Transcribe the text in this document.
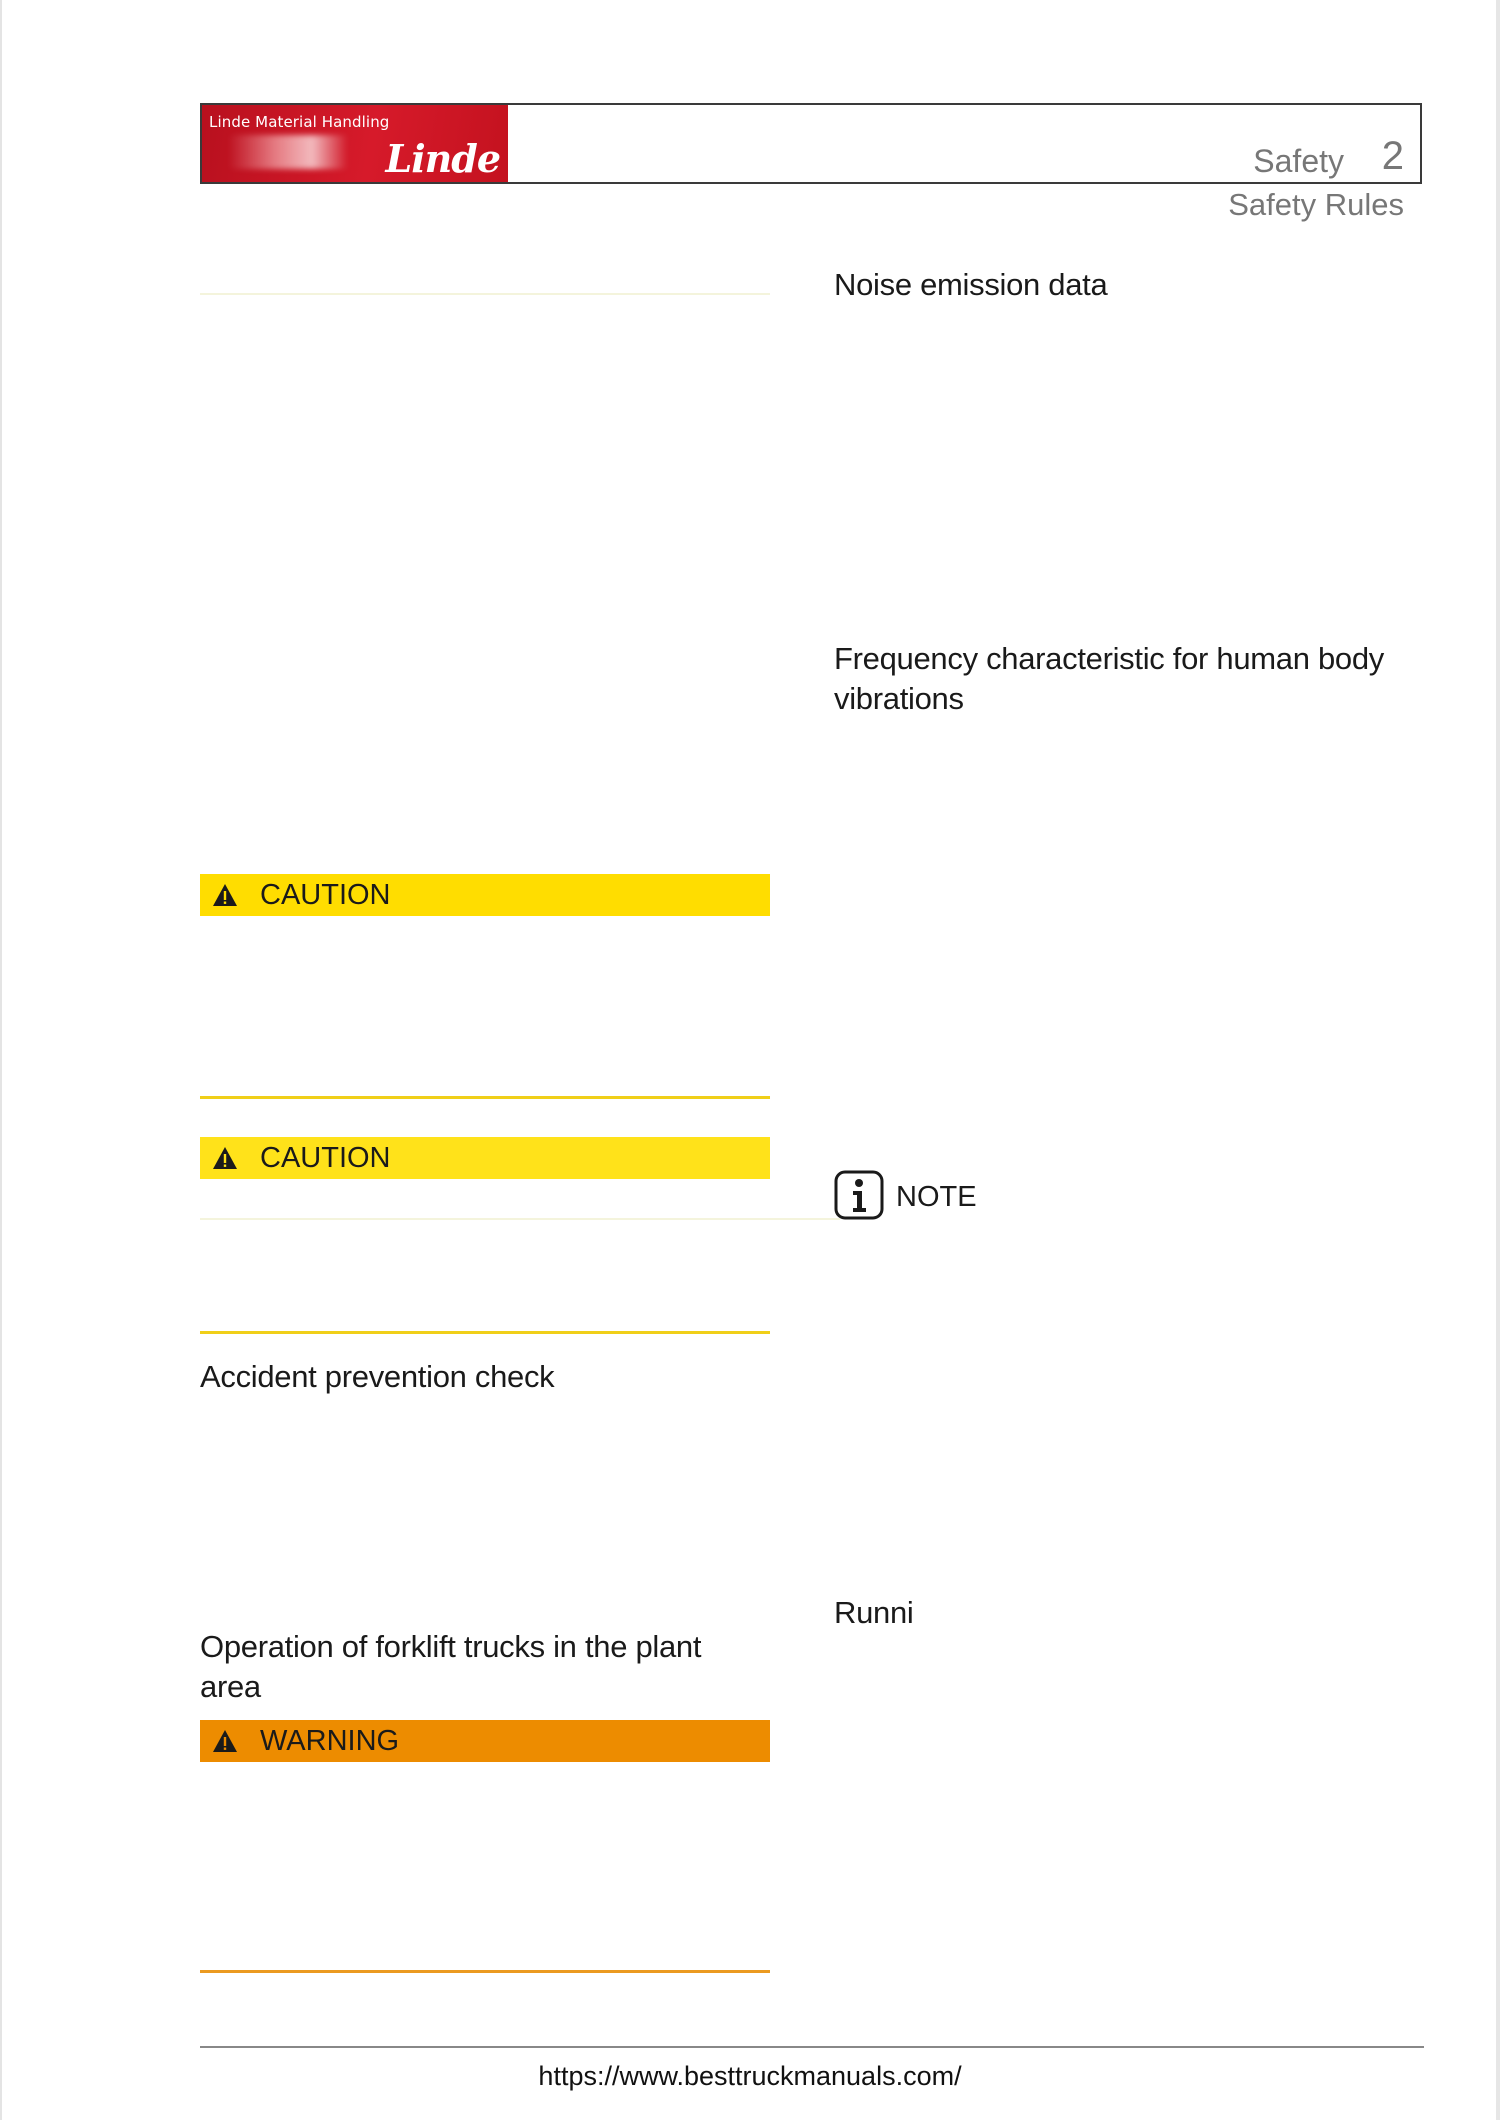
Linde Material Handling
Linde	Safety 2
Safety Rules
Noise emission data
Frequency characteristic for human body vibrations
CAUTION
CAUTION
NOTE
Accident prevention check
Runni
Operation of forklift trucks in the plant area
WARNING
https://www.besttruckmanuals.com/
